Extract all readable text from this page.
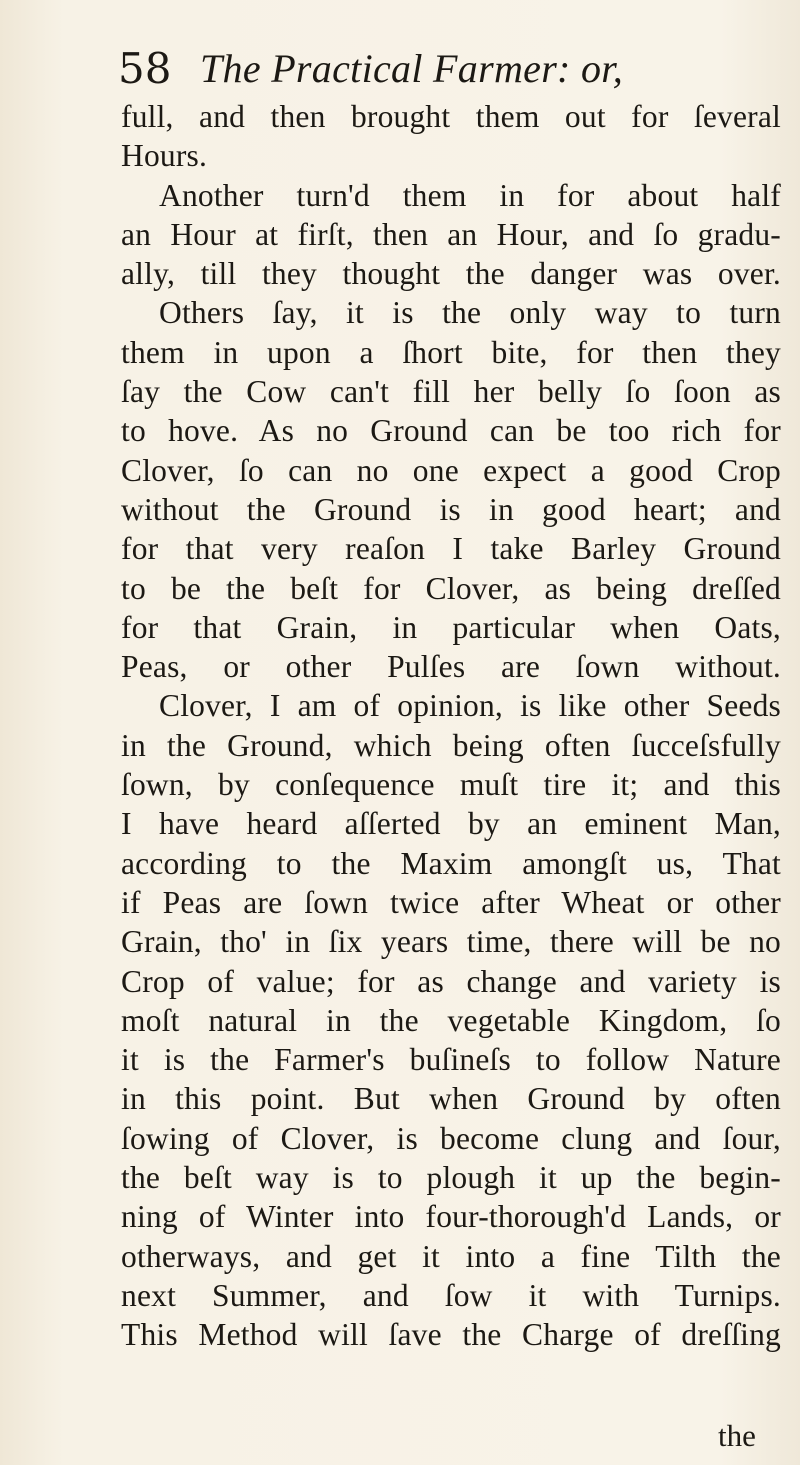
58 The Practical Farmer: or,
full, and then brought them out for ſeveral
Hours.
Another turn'd them in for about half
an Hour at firſt, then an Hour, and ſo gradu-
ally, till they thought the danger was over.
Others ſay, it is the only way to turn
them in upon a ſhort bite, for then they
ſay the Cow can't fill her belly ſo ſoon as
to hove. As no Ground can be too rich for
Clover, ſo can no one expect a good Crop
without the Ground is in good heart; and
for that very reaſon I take Barley Ground
to be the beſt for Clover, as being dreſſed
for that Grain, in particular when Oats,
Peas, or other Pulſes are ſown without.
Clover, I am of opinion, is like other Seeds
in the Ground, which being often ſucceſsfully
ſown, by conſequence muſt tire it; and this
I have heard aſſerted by an eminent Man,
according to the Maxim amongſt us, That
if Peas are ſown twice after Wheat or other
Grain, tho' in ſix years time, there will be no
Crop of value; for as change and variety is
moſt natural in the vegetable Kingdom, ſo
it is the Farmer's buſineſs to follow Nature
in this point. But when Ground by often
ſowing of Clover, is become clung and ſour,
the beſt way is to plough it up the begin-
ning of Winter into four-thorough'd Lands, or
otherways, and get it into a fine Tilth the
next Summer, and ſow it with Turnips.
This Method will ſave the Charge of dreſſing
the
